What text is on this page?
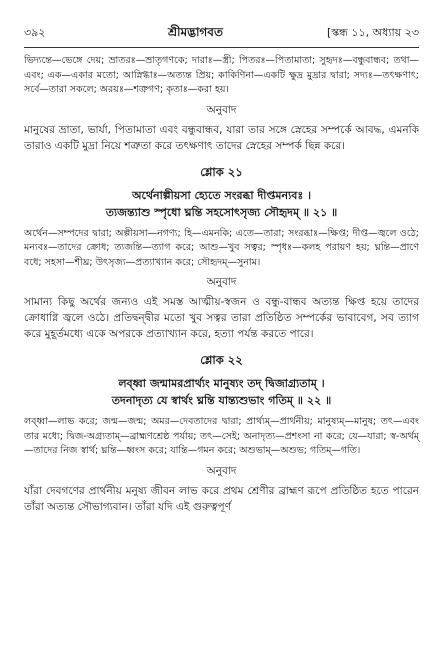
৩৯২	শ্রীমদ্ভাগবত	[স্কন্ধ ১১, অধ্যায় ২৩

ভিদ্যন্তে—ভেঙ্গে দেয়; ভ্রাতরঃ—ভ্রাতৃগণকে; দারাঃ—স্ত্রী; পিতরঃ—পিতামাতা; সুহৃদঃ—বন্ধুবান্ধব; তথা—এবং; এক—একার মতো; আস্নিগ্ধাঃ—অত্যন্ত প্রিয়; কাকিণিনা—একটি ক্ষুদ্র মুদ্রার দ্বারা; সদ্যঃ—তৎক্ষণাৎ; সর্বে—তারা সকলে; অরয়ঃ—শত্রুগণ; কৃতাঃ—করা হয়।

অনুবাদ

মানুষের ভ্রাতা, ভার্যা, পিতামাতা এবং বন্ধুবান্ধব, যারা তার সঙ্গে স্নেহের সম্পর্কে আবদ্ধ, এমনকি তারাও একটি মুদ্রা নিয়ে শত্রুতা করে তৎক্ষণাৎ তাদের স্নেহের সম্পর্ক ছিন্ন করে।

শ্লোক ২১
অর্থেনাল্পীয়সা হ্যেতে সংরব্ধা দীপ্তমন্যবঃ ।
ত্যজন্ত্যাশু স্পৃধো ঘ্নন্তি সহসোৎসৃজ্য সৌহৃদম্ ॥ ২১ ॥

অর্থেন—সম্পদের দ্বারা; অল্পীয়সা—নগণ্য; হি—এমনকি; এতে—তারা; সংরব্ধাঃ—ক্ষিপ্ত; দীপ্ত—জ্বলে ওঠে; মন্যবঃ—তাদের ক্রোধ; ত্যজন্তি—ত্যাগ করে; আশু—খুব সত্বর; স্পৃধঃ—কলহ পরায়ণ হয়; ঘ্নন্তি—প্রাণে বধে; সহসা—শীঘ্র; উৎসৃজ্য—প্রত্যাখ্যান করে; সৌহৃদম্—সুনাম।

অনুবাদ

সামান্য কিছু অর্থের জন্যও এই সমস্ত আত্মীয়-স্বজন ও বন্ধু-বান্ধব অত্যন্ত ক্ষিপ্ত হয়ে তাদের ক্রোধাগ্নি জ্বলে ওঠে। প্রতিদ্বন্দ্বীর মতো খুব সত্বর তারা প্রতিষ্ঠিত সম্পর্কের ভাবাবেগ, সব ত্যাগ করে মুহূর্তমধ্যে একে অপরকে প্রত্যাখ্যান করে, হত্যা পর্যন্ত করতে পারে।

শ্লোক ২২
লব্ধ্বা জন্মামরপ্রার্থ্যং মানুষ্যং তদ্ দ্বিজাগ্র্যতাম্ ।
তদনাদৃত্য যে স্বার্থং ঘ্নন্তি যান্ত্যশুভাং গতিম্ ॥ ২২ ॥

লব্ধ্বা—লাভ করে; জন্ম—জন্ম; অমর—দেবতাদের দ্বারা; প্রার্থ্যম্—প্রার্থনীয়; মানুষ্যম্—মানুষ; তৎ—এবং তার মধ্যে; দ্বিজ-অগ্র্যতাম্—ব্রাহ্মণশ্রেষ্ঠ পর্যায়; তৎ—সেই; অনাদৃত্য—প্রশংসা না করে; যে—যারা; স্ব-অর্থম্—তাদের নিজ স্বার্থ; ঘ্নন্তি—ধ্বংস করে; যান্তি—গমন করে; অশুভাম্—অশুভ; গতিম্—গতি।

অনুবাদ

যাঁরা দেবগণের প্রার্থনীয় মনুষ্য জীবন লাভ করে প্রথম শ্রেণীর ব্রাহ্মণ রূপে প্রতিষ্ঠিত হতে পারেন তাঁরা অত্যন্ত সৌভাগ্যবান। তাঁরা যদি এই গুরুত্বপূর্ণ
